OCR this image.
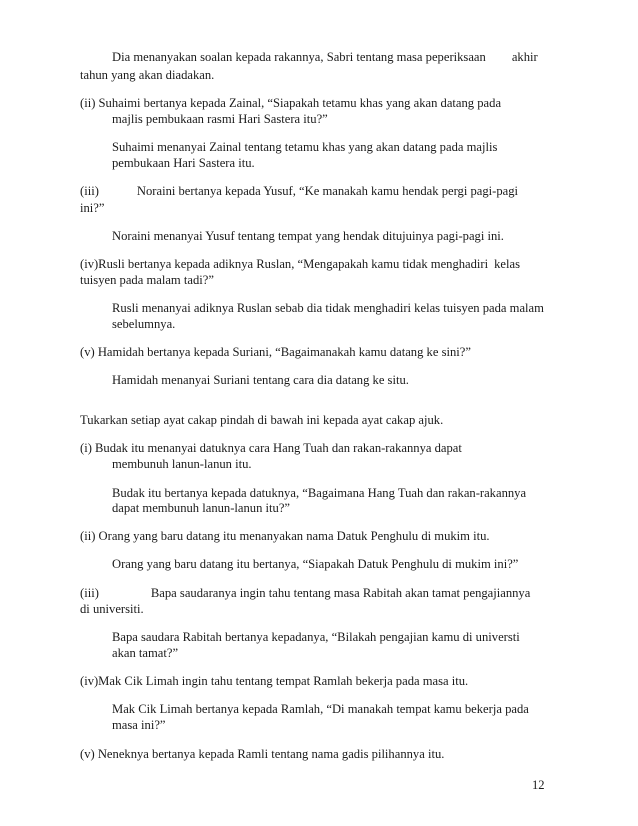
Dia menanyakan soalan kepada rakannya, Sabri tentang masa peperiksaan akhir
tahun yang akan diadakan.
(ii) Suhaimi bertanya kepada Zainal, “Siapakah tetamu khas yang akan datang pada
majlis pembukaan rasmi Hari Sastera itu?”
Suhaimi menanyai Zainal tentang tetamu khas yang akan datang pada majlis
pembukaan Hari Sastera itu.
(iii)	Noraini bertanya kepada Yusuf, “Ke manakah kamu hendak pergi pagi-pagi
ini?”
Noraini menanyai Yusuf tentang tempat yang hendak ditujuinya pagi-pagi ini.
(iv)Rusli bertanya kepada adiknya Ruslan, “Mengapakah kamu tidak menghadiri kelas
tuisyen pada malam tadi?”
Rusli menanyai adiknya Ruslan sebab dia tidak menghadiri kelas tuisyen pada malam
sebelumnya.
(v) Hamidah bertanya kepada Suriani, “Bagaimanakah kamu datang ke sini?”
Hamidah menanyai Suriani tentang cara dia datang ke situ.
Tukarkan setiap ayat cakap pindah di bawah ini kepada ayat cakap ajuk.
(i) Budak itu menanyai datuknya cara Hang Tuah dan rakan-rakannya dapat
membunuh lanun-lanun itu.
Budak itu bertanya kepada datuknya, “Bagaimana Hang Tuah dan rakan-rakannya
dapat membunuh lanun-lanun itu?”
(ii) Orang yang baru datang itu menanyakan nama Datuk Penghulu di mukim itu.
Orang yang baru datang itu bertanya, “Siapakah Datuk Penghulu di mukim ini?”
(iii)	Bapa saudaranya ingin tahu tentang masa Rabitah akan tamat pengajiannya
di universiti.
Bapa saudara Rabitah bertanya kepadanya, “Bilakah pengajian kamu di universti
akan tamat?”
(iv)Mak Cik Limah ingin tahu tentang tempat Ramlah bekerja pada masa itu.
Mak Cik Limah bertanya kepada Ramlah, “Di manakah tempat kamu bekerja pada
masa ini?”
(v) Neneknya bertanya kepada Ramli tentang nama gadis pilihannya itu.
12
